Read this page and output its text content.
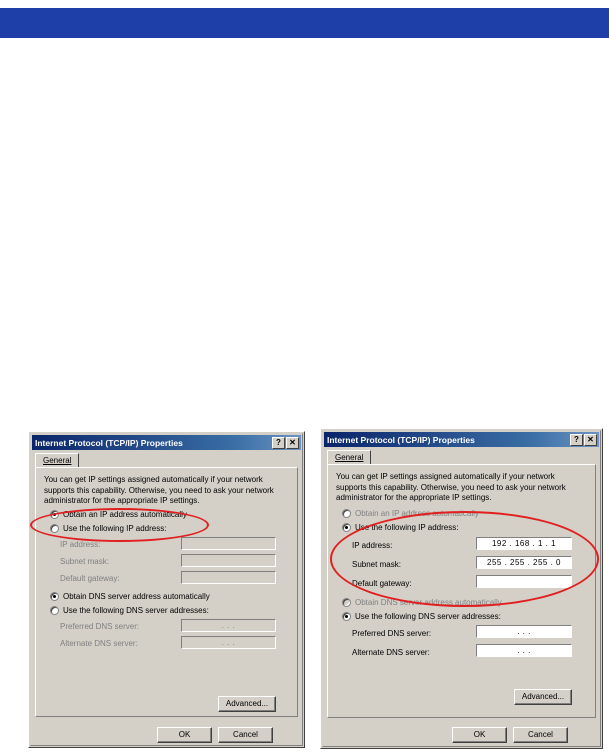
Internet Protocol (TCP/IP) Properties	?	✕
General
You can get IP settings assigned automatically if your network supports this capability. Otherwise, you need to ask your network administrator for the appropriate IP settings.
Obtain an IP address automatically
Use the following IP address:
IP address:
Subnet mask:
Default gateway:
Obtain DNS server address automatically
Use the following DNS server addresses:
Preferred DNS server:	. . .
Alternate DNS server:	. . .
Advanced...
OK	Cancel
Internet Protocol (TCP/IP) Properties	?	✕
General
You can get IP settings assigned automatically if your network supports this capability. Otherwise, you need to ask your network administrator for the appropriate IP settings.
Obtain an IP address automatically
Use the following IP address:
IP address:	192 . 168 . 1 . 1
Subnet mask:	255 . 255 . 255 . 0
Default gateway:
Obtain DNS server address automatically
Use the following DNS server addresses:
Preferred DNS server:	. . .
Alternate DNS server:	. . .
Advanced...
OK	Cancel
